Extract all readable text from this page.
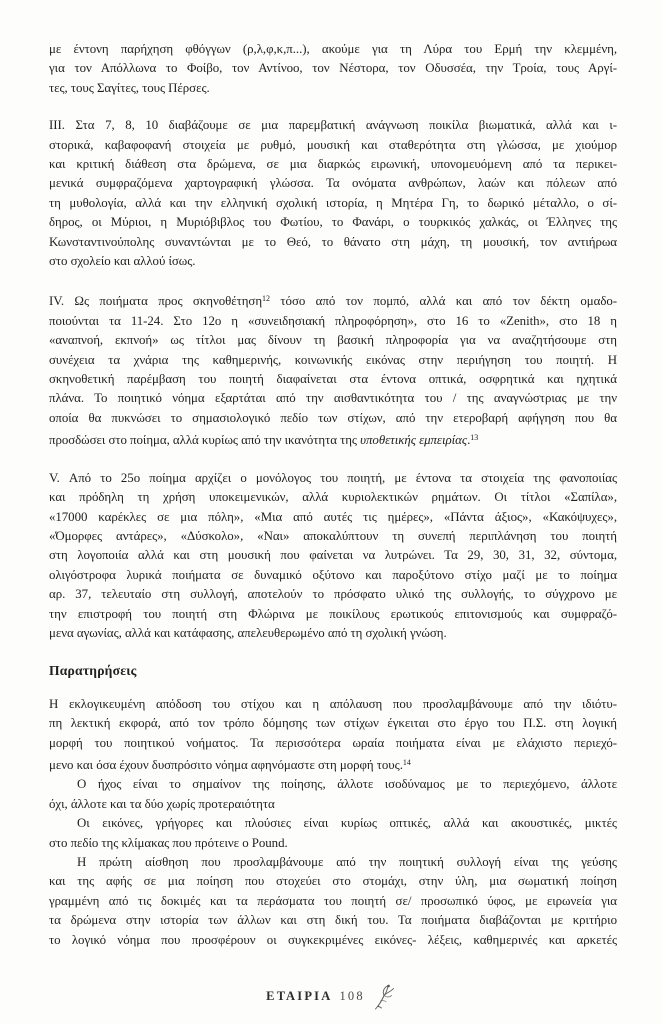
με έντονη παρήχηση φθόγγων (ρ,λ,φ,κ,π...), ακούμε για τη Λύρα του Ερμή την κλεμμένη,
για τον Απόλλωνα το Φοίβο, τον Αντίνοο, τον Νέστορα, τον Οδυσσέα, την Τροία, τους Αργί-
τες, τους Σαγίτες, τους Πέρσες.

III. Στα 7, 8, 10 διαβάζουμε σε μια παρεμβατική ανάγνωση ποικίλα βιωματικά, αλλά και ι-
στορικά, καβαφοφανή στοιχεία με ρυθμό, μουσική και σταθερότητα στη γλώσσα, με χιούμορ
και κριτική διάθεση στα δρώμενα, σε μια διαρκώς ειρωνική, υπονομευόμενη από τα περικει-
μενικά συμφραζόμενα χαρτογραφική γλώσσα. Τα ονόματα ανθρώπων, λαών και πόλεων από
τη μυθολογία, αλλά και την ελληνική σχολική ιστορία, η Μητέρα Γη, το δωρικό μέταλλο, ο σί-
δηρος, οι Μύριοι, η Μυριόβιβλος του Φωτίου, το Φανάρι, ο τουρκικός χαλκάς, οι Έλληνες της
Κωνσταντινούπολης συναντώνται με το Θεό, το θάνατο στη μάχη, τη μουσική, τον αντιήρωα
στο σχολείο και αλλού ίσως.

IV. Ως ποιήματα προς σκηνοθέτηση$^{12}$ τόσο από τον πομπό, αλλά και από τον δέκτη ομαδο-
ποιούνται τα 11-24. Στο 12ο η «συνειδησιακή πληροφόρηση», στο 16 το «Zenith», στο 18 η
«αναπνοή, εκπνοή» ως τίτλοι μας δίνουν τη βασική πληροφορία για να αναζητήσουμε στη
συνέχεια τα χνάρια της καθημερινής, κοινωνικής εικόνας στην περιήγηση του ποιητή. Η
σκηνοθετική παρέμβαση του ποιητή διαφαίνεται στα έντονα οπτικά, οσφρητικά και ηχητικά
πλάνα. Το ποιητικό νόημα εξαρτάται από την αισθαντικότητα του / της αναγνώστριας με την
οποία θα πυκνώσει το σημασιολογικό πεδίο των στίχων, από την ετεροβαρή αφήγηση που θα
προσδώσει στο ποίημα, αλλά κυρίως από την ικανότητα της υποθετικής εμπειρίας.$^{13}$

V. Από το 25ο ποίημα αρχίζει ο μονόλογος του ποιητή, με έντονα τα στοιχεία της φανοποιίας
και πρόδηλη τη χρήση υποκειμενικών, αλλά κυριολεκτικών ρημάτων. Οι τίτλοι «Σαπίλα»,
«17000 καρέκλες σε μια πόλη», «Μια από αυτές τις ημέρες», «Πάντα άξιος», «Κακόψυχες»,
«Όμορφες αντάρες», «Δύσκολο», «Ναι» αποκαλύπτουν τη συνεπή περιπλάνηση του ποιητή
στη λογοποιία αλλά και στη μουσική που φαίνεται να λυτρώνει. Τα 29, 30, 31, 32, σύντομα,
ολιγόστροφα λυρικά ποιήματα σε δυναμικό οξύτονο και παροξύτονο στίχο μαζί με το ποίημα
αρ. 37, τελευταίο στη συλλογή, αποτελούν το πρόσφατο υλικό της συλλογής, το σύγχρονο με
την επιστροφή του ποιητή στη Φλώρινα με ποικίλους ερωτικούς επιτονισμούς και συμφραζό-
μενα αγωνίας, αλλά και κατάφασης, απελευθερωμένο από τη σχολική γνώση.

Παρατηρήσεις

Η εκλογικευμένη απόδοση του στίχου και η απόλαυση που προσλαμβάνουμε από την ιδιότυ-
πη λεκτική εκφορά, από τον τρόπο δόμησης των στίχων έγκειται στο έργο του Π.Σ. στη λογική
μορφή του ποιητικού νοήματος. Τα περισσότερα ωραία ποιήματα είναι με ελάχιστο περιεχό-
μενο και όσα έχουν δυσπρόσιτο νόημα αφηνόμαστε στη μορφή τους.$^{14}$

Ο ήχος είναι το σημαίνον της ποίησης, άλλοτε ισοδύναμος με το περιεχόμενο, άλλοτε
όχι, άλλοτε και τα δύο χωρίς προτεραιότητα

Οι εικόνες, γρήγορες και πλούσιες είναι κυρίως οπτικές, αλλά και ακουστικές, μικτές
στο πεδίο της κλίμακας που πρότεινε ο Pound.

Η πρώτη αίσθηση που προσλαμβάνουμε από την ποιητική συλλογή είναι της γεύσης
και της αφής σε μια ποίηση που στοχεύει στο στομάχι, στην ύλη, μια σωματική ποίηση
γραμμένη από τις δοκιμές και τα περάσματα του ποιητή σε/ προσωπικό ύφος, με ειρωνεία για
τα δρώμενα στην ιστορία των άλλων και στη δική του. Τα ποιήματα διαβάζονται με κριτήριο
το λογικό νόημα που προσφέρουν οι συγκεκριμένες εικόνες- λέξεις, καθημερινές και αρκετές

ΕΤΑΙΡΙΑ 108
